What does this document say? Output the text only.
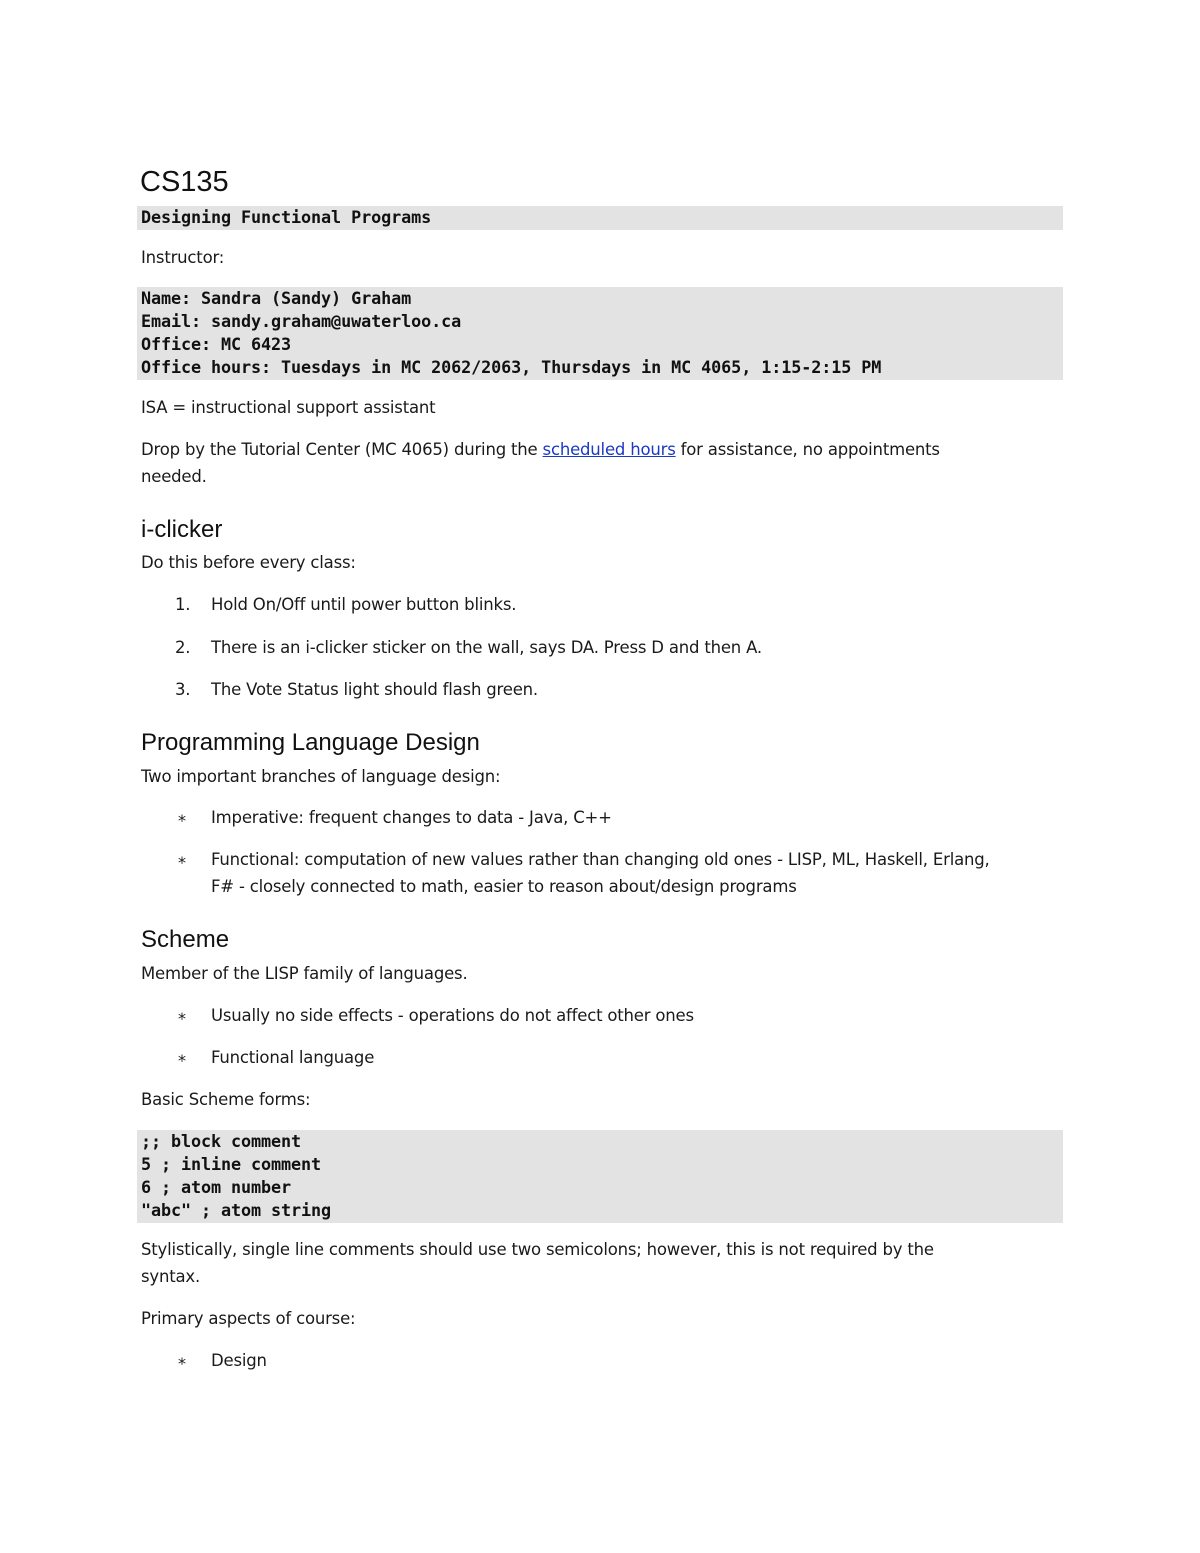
CS135
Designing Functional Programs
Instructor:
Name: Sandra (Sandy) Graham
Email: sandy.graham@uwaterloo.ca
Office: MC 6423
Office hours: Tuesdays in MC 2062/2063, Thursdays in MC 4065, 1:15-2:15 PM
ISA = instructional support assistant
Drop by the Tutorial Center (MC 4065) during the scheduled hours for assistance, no appointments
needed.
i-clicker
Do this before every class:
1. Hold On/Off until power button blinks.
2. There is an i-clicker sticker on the wall, says DA. Press D and then A.
3. The Vote Status light should flash green.
Programming Language Design
Two important branches of language design:
* Imperative: frequent changes to data - Java, C++
* Functional: computation of new values rather than changing old ones - LISP, ML, Haskell, Erlang,
F# - closely connected to math, easier to reason about/design programs
Scheme
Member of the LISP family of languages.
* Usually no side effects - operations do not affect other ones
* Functional language
Basic Scheme forms:
;; block comment
5 ; inline comment
6 ; atom number
"abc" ; atom string
Stylistically, single line comments should use two semicolons; however, this is not required by the
syntax.
Primary aspects of course:
* Design
